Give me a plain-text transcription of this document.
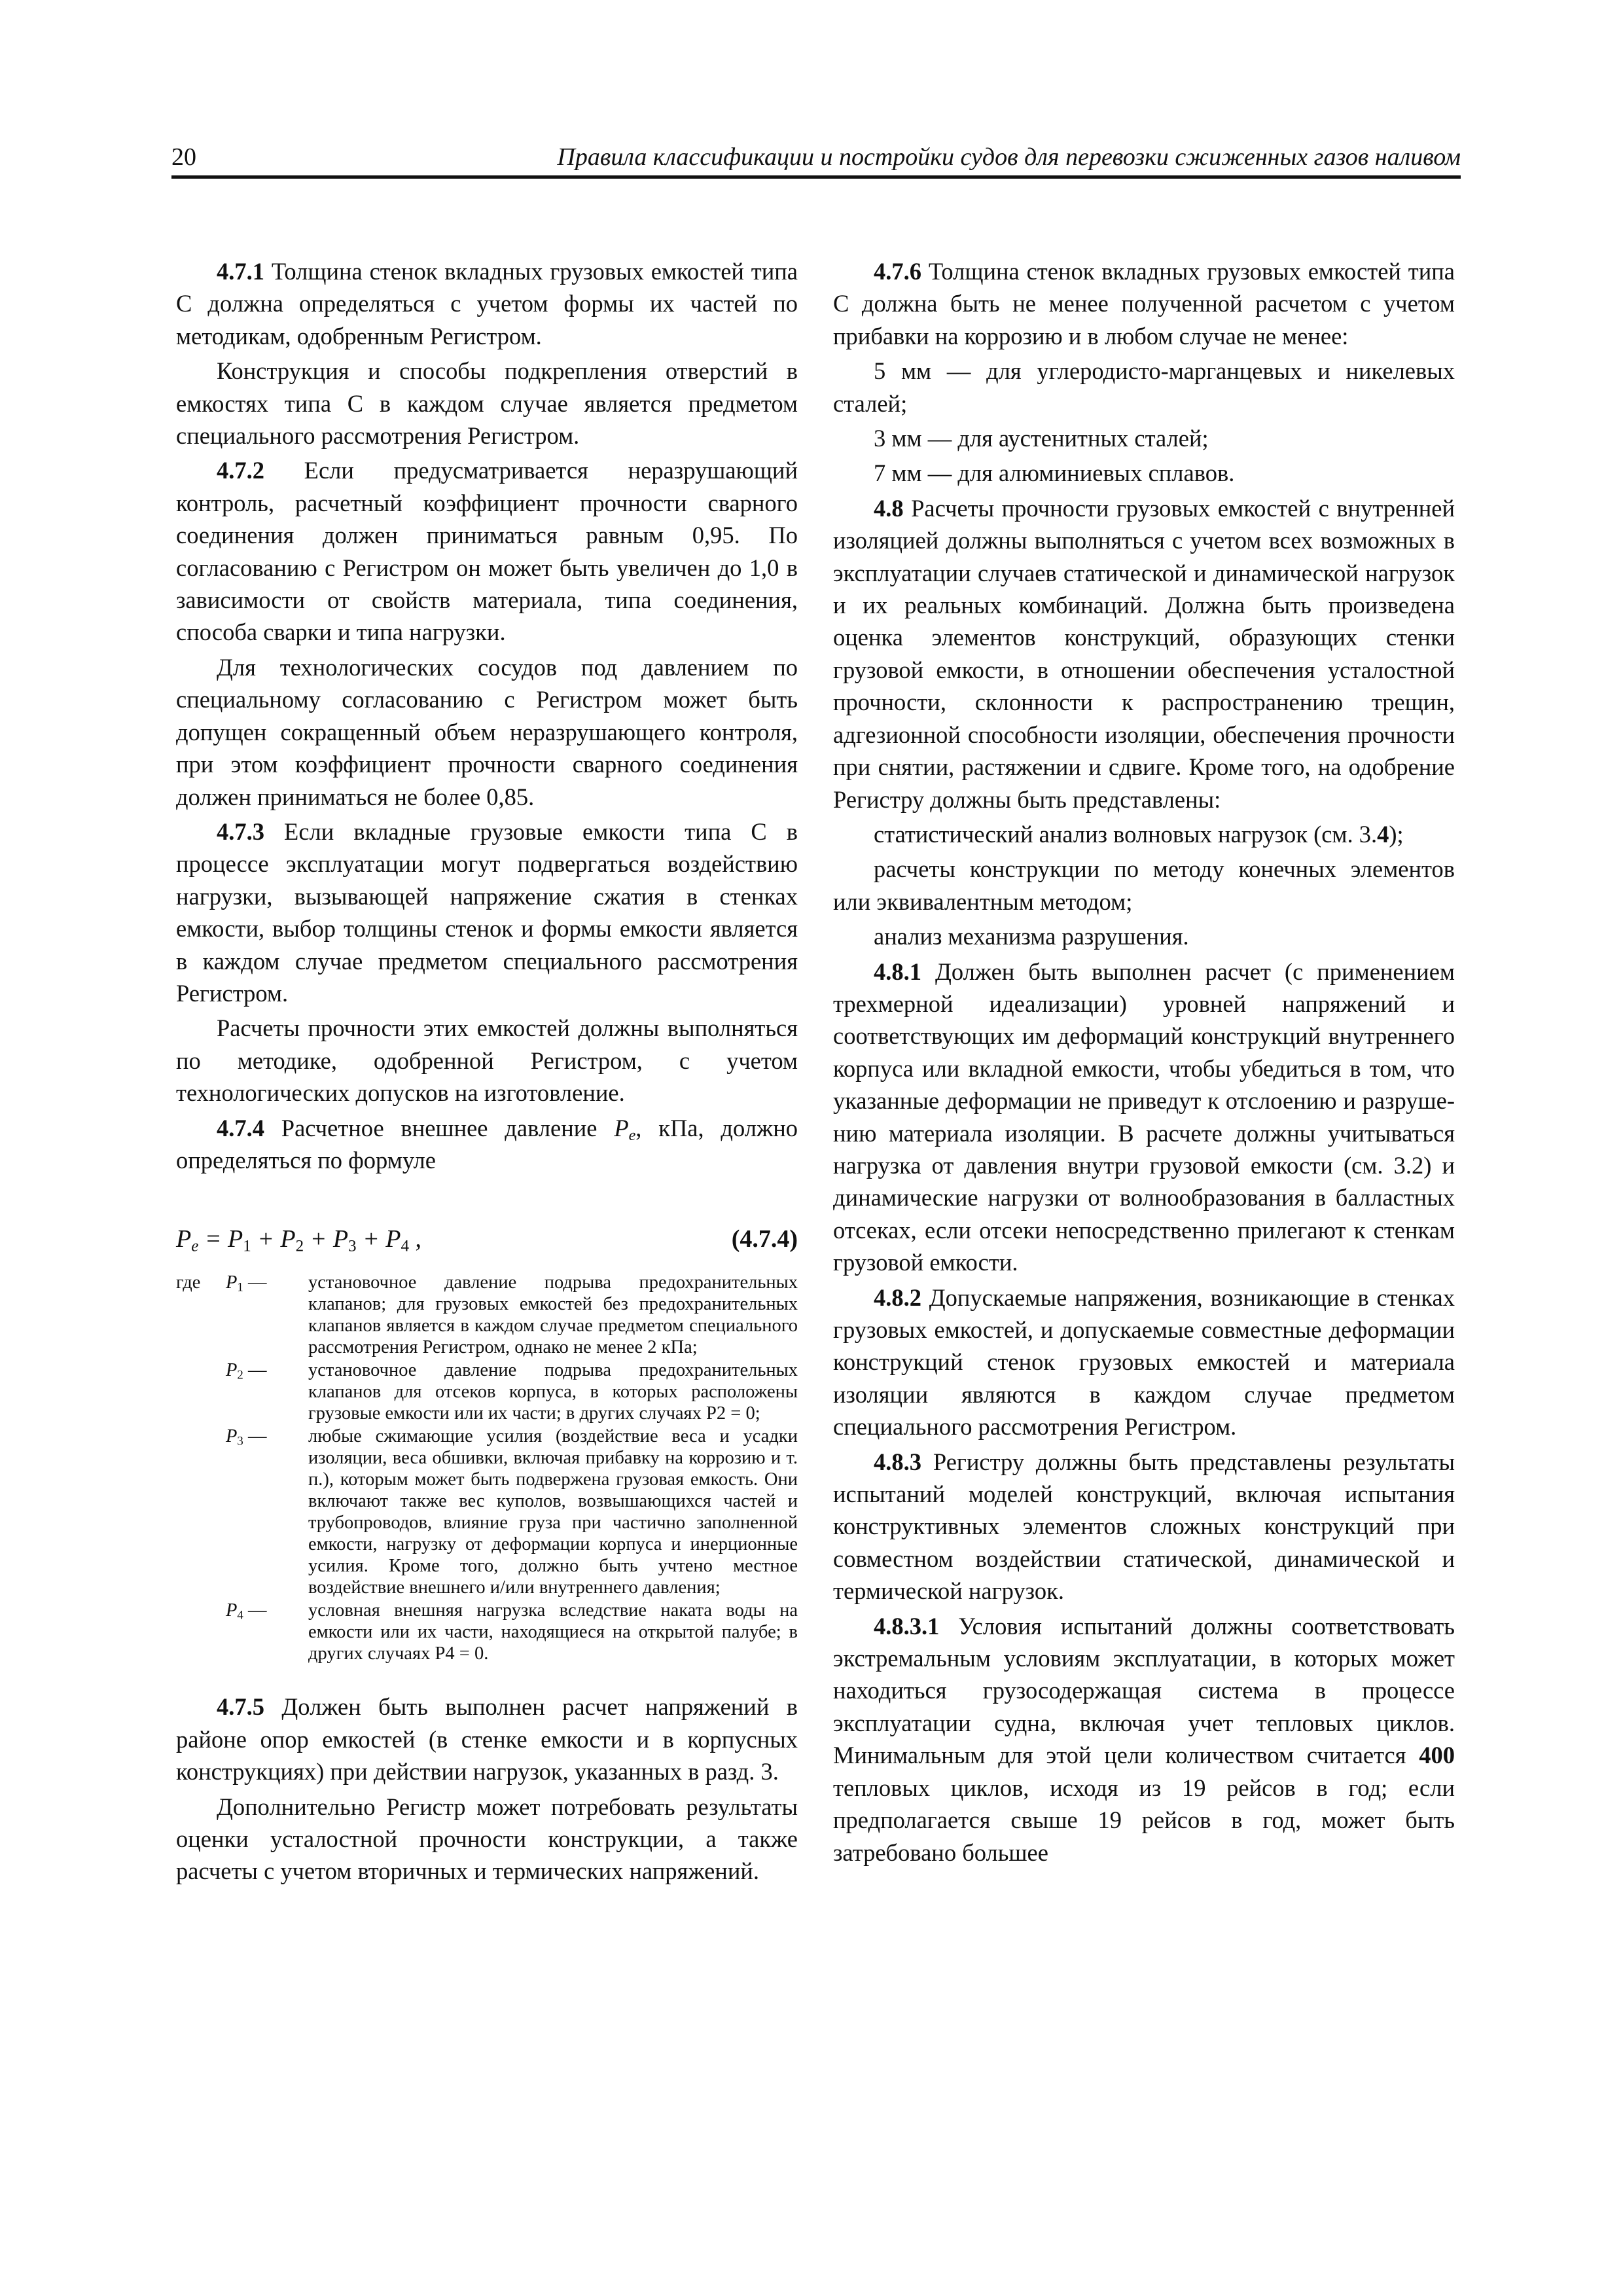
20	Правила классификации и постройки судов для перевозки сжиженных газов наливом

4.7.1 Толщина стенок вкладных грузовых емкостей типа С должна определяться с учетом формы их частей по методикам, одобренным Регистром.

Конструкция и способы подкрепления отверстий в емкостях типа С в каждом случае является предметом специального рассмотрения Регистром.

4.7.2 Если предусматривается неразрушающий контроль, расчетный коэффициент прочности сварного соединения должен приниматься равным 0,95. По согласованию с Регистром он может быть увеличен до 1,0 в зависимости от свойств материала, типа соединения, способа сварки и типа нагрузки.

Для технологических сосудов под давлением по специальному согласованию с Регистром может быть допущен сокращенный объем неразрушающего контроля, при этом коэффициент прочности сварного соединения должен приниматься не более 0,85.

4.7.3 Если вкладные грузовые емкости типа С в процессе эксплуатации могут подвергаться воздействию нагрузки, вызывающей напряжение сжатия в стенках емкости, выбор толщины стенок и формы емкости является в каждом случае предметом специального рассмотрения Регистром.

Расчеты прочности этих емкостей должны выполняться по методике, одобренной Регистром, с учетом технологических допусков на изготовление.

4.7.4 Расчетное внешнее давление $P_e$, кПа, должно определяться по формуле

$P_e = P_1 + P_2 + P_3 + P_4$ ,	(4.7.4)
где $P_1$ —	установочное давление подрыва предохранительных клапанов; для грузовых емкостей без предохранительных клапанов является в каждом случае предметом специального рассмотрения Регистром, однако не менее 2 кПа;
$P_2$ —	установочное давление подрыва предохранительных клапанов для отсеков корпуса, в которых расположены грузовые емкости или их части; в других случаях P2 = 0;
$P_3$ —	любые сжимающие усилия (воздействие веса и усадки изоляции, веса обшивки, включая прибавку на коррозию и т. п.), которым может быть подвержена грузовая емкость. Они включают также вес куполов, возвышающихся частей и трубопроводов, влияние груза при частично заполненной емкости, нагрузку от деформации корпуса и инерционные усилия. Кроме того, должно быть учтено местное воздействие внешнего и/или внутреннего давления;
$P_4$ —	условная внешняя нагрузка вследствие наката воды на емкости или их части, находящиеся на открытой палубе; в других случаях P4 = 0.

4.7.5 Должен быть выполнен расчет напряжений в районе опор емкостей (в стенке емкости и в корпусных конструкциях) при действии нагрузок, указанных в разд. 3.

Дополнительно Регистр может потребовать результаты оценки усталостной прочности конструкции, а также расчеты с учетом вторичных и термических напряжений.

4.7.6 Толщина стенок вкладных грузовых емкостей типа С должна быть не менее полученной расчетом с учетом прибавки на коррозию и в любом случае не менее:

5 мм — для углеродисто-марганцевых и никелевых сталей;

3 мм — для аустенитных сталей;

7 мм — для алюминиевых сплавов.

4.8 Расчеты прочности грузовых емкостей с внутренней изоляцией должны выполняться с учетом всех возможных в эксплуатации случаев статической и динамической нагрузок и их реальных комбинаций. Должна быть произведена оценка элементов конструкций, образующих стенки грузовой емкости, в отношении обеспечения усталостной прочности, склонности к распространению трещин, адгезионной способности изоляции, обеспечения прочности при снятии, растяжении и сдвиге. Кроме того, на одобрение Регистру должны быть представлены:

статистический анализ волновых нагрузок (см. 3.4);

расчеты конструкции по методу конечных элементов или эквивалентным методом;

анализ механизма разрушения.

4.8.1 Должен быть выполнен расчет (с применением трехмерной идеализации) уровней напряжений и соответствующих им деформаций конструкций внутреннего корпуса или вкладной емкости, чтобы убедиться в том, что указанные деформации не приведут к отслоению и разрушению материала изоляции. В расчете должны учитываться нагрузка от давления внутри грузовой емкости (см. 3.2) и динамические нагрузки от волнообразования в балластных отсеках, если отсеки непосредственно прилегают к стенкам грузовой емкости.

4.8.2 Допускаемые напряжения, возникающие в стенках грузовых емкостей, и допускаемые совместные деформации конструкций стенок грузовых емкостей и материала изоляции являются в каждом случае предметом специального рассмотрения Регистром.

4.8.3 Регистру должны быть представлены результаты испытаний моделей конструкций, включая испытания конструктивных элементов сложных конструкций при совместном воздействии статической, динамической и термической нагрузок.

4.8.3.1 Условия испытаний должны соответствовать экстремальным условиям эксплуатации, в которых может находиться грузосодержащая система в процессе эксплуатации судна, включая учет тепловых циклов. Минимальным для этой цели количеством считается 400 тепловых циклов, исходя из 19 рейсов в год; если предполагается свыше 19 рейсов в год, может быть затребовано большее
